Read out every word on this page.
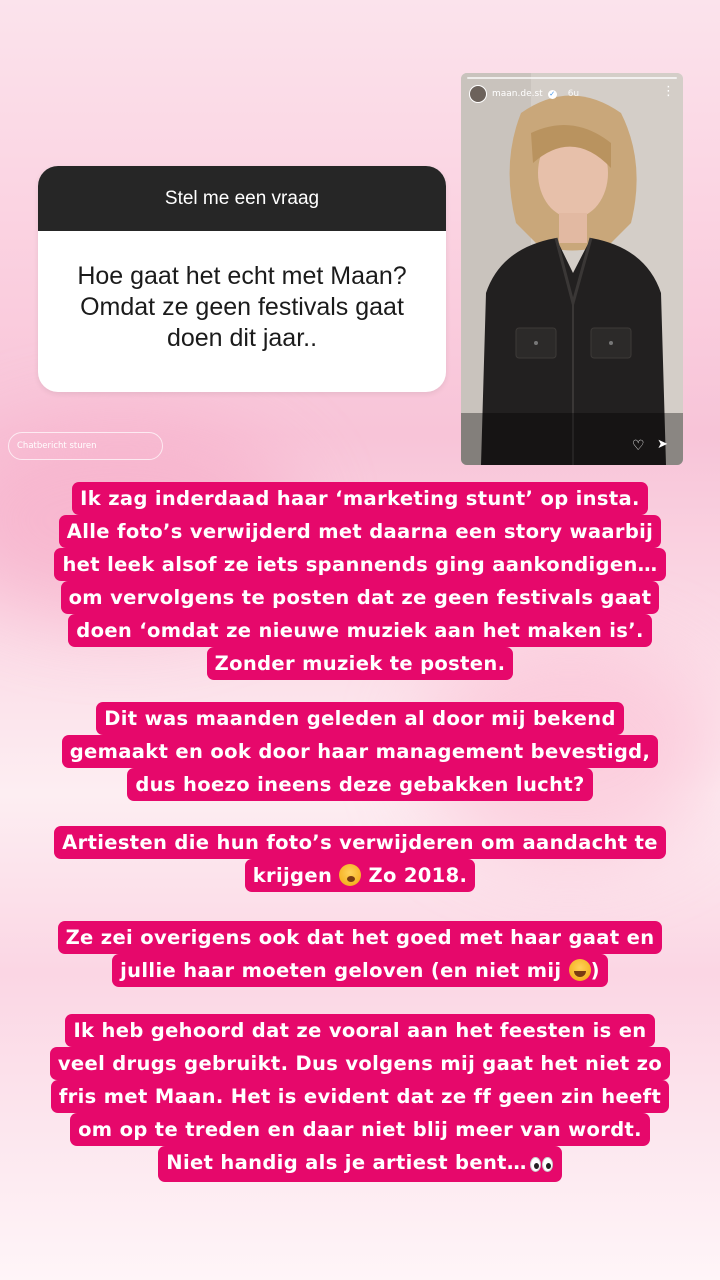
Stel me een vraag
Hoe gaat het echt met Maan? Omdat ze geen festivals gaat doen dit jaar..
maan.de.st ✓ 6u	⋮
Chatbericht sturen	♡ ➤
Ik zag inderdaad haar ‘marketing stunt’ op insta.
Alle foto’s verwijderd met daarna een story waarbij
het leek alsof ze iets spannends ging aankondigen…
om vervolgens te posten dat ze geen festivals gaat
doen ‘omdat ze nieuwe muziek aan het maken is’.
Zonder muziek te posten.
Dit was maanden geleden al door mij bekend
gemaakt en ook door haar management bevestigd,
dus hoezo ineens deze gebakken lucht?
Artiesten die hun foto’s verwijderen om aandacht te
krijgen Zo 2018.
Ze zei overigens ook dat het goed met haar gaat en
jullie haar moeten geloven (en niet mij )
Ik heb gehoord dat ze vooral aan het feesten is en
veel drugs gebruikt. Dus volgens mij gaat het niet zo
fris met Maan. Het is evident dat ze ff geen zin heeft
om op te treden en daar niet blij meer van wordt.
Niet handig als je artiest bent…
